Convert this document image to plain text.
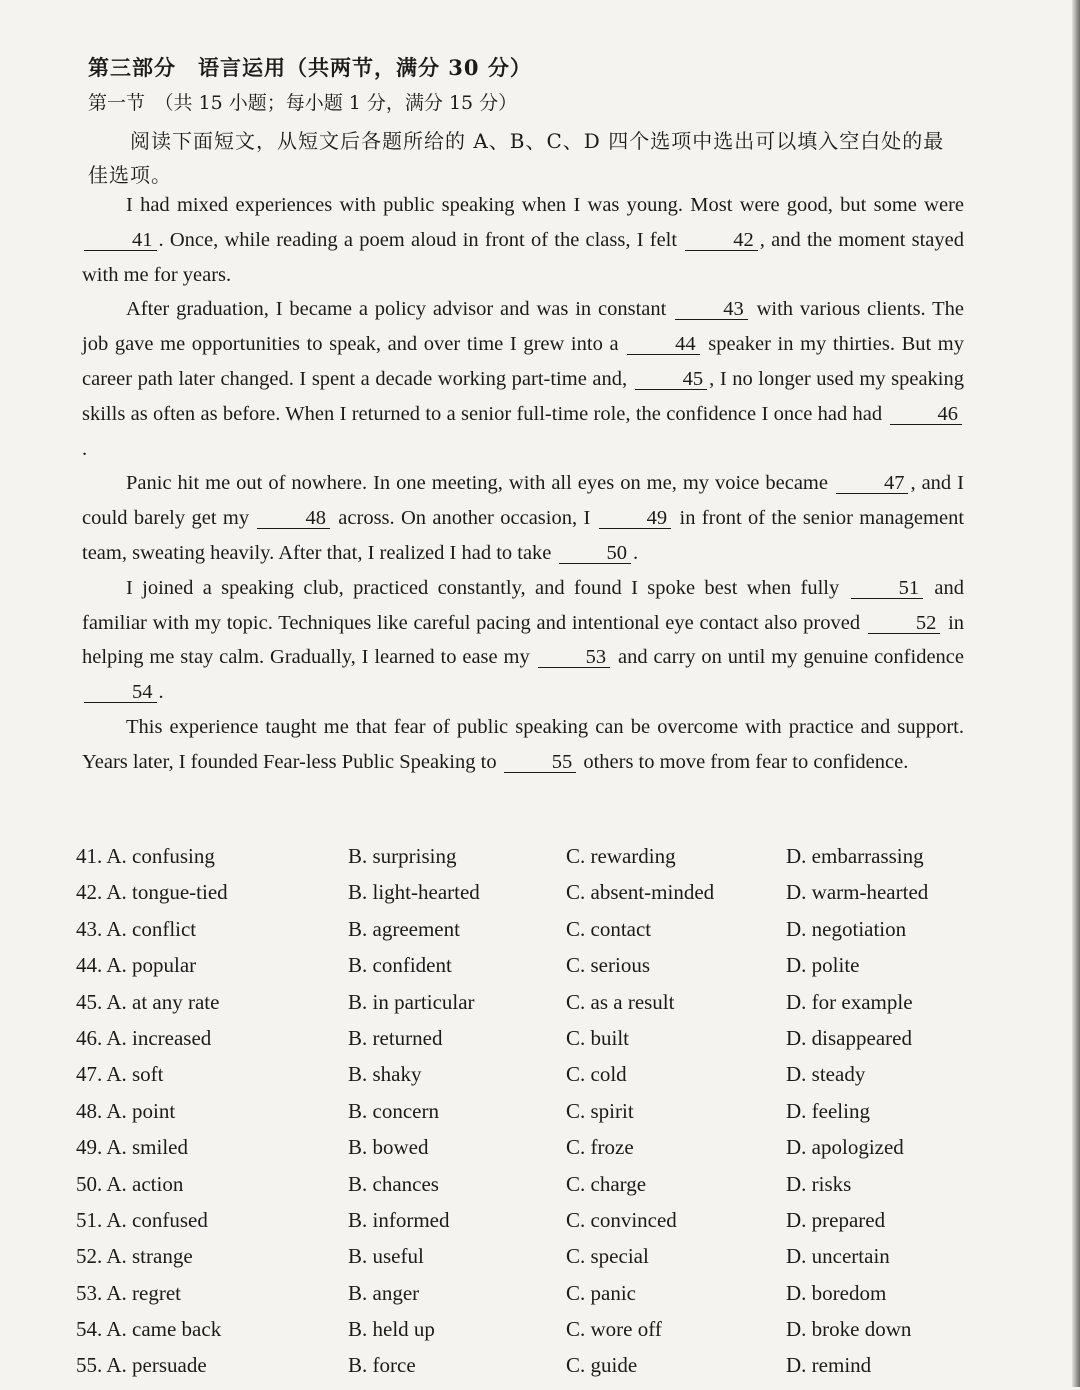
第三部分　语言运用（共两节，满分 30 分）
第一节　（共 15 小题；每小题 1 分，满分 15 分）
阅读下面短文，从短文后各题所给的 A、B、C、D 四个选项中选出可以填入空白处的最佳选项。

I had mixed experiences with public speaking when I was young. Most were good, but some were 41 . Once, while reading a poem aloud in front of the class, I felt	42 , and the moment stayed with me for years.

After graduation, I became a policy advisor and was in constant	43 with various clients. The job gave me opportunities to speak, and over time I grew into a	44 speaker in my thirties. But my career path later changed. I spent a decade working part-time and,	45 , I no longer used my speaking skills as often as before. When I returned to a senior full-time role, the confidence I once had had	46.

Panic hit me out of nowhere. In one meeting, with all eyes on me, my voice became	47 , and I could barely get my	48 across. On another occasion, I	49 in front of the senior management team, sweating heavily. After that, I realized I had to take	50 .

I joined a speaking club, practiced constantly, and found I spoke best when fully	51 and familiar with my topic. Techniques like careful pacing and intentional eye contact also proved	52 in helping me stay calm. Gradually, I learned to ease my	53 and carry on until my genuine confidence 54 .

This experience taught me that fear of public speaking can be overcome with practice and support. Years later, I founded Fear-less Public Speaking to	55 others to move from fear to confidence.

41. A. confusing	B. surprising	C. rewarding	D. embarrassing
42. A. tongue-tied	B. light-hearted	C. absent-minded	D. warm-hearted
43. A. conflict	B. agreement	C. contact	D. negotiation
44. A. popular	B. confident	C. serious	D. polite
45. A. at any rate	B. in particular	C. as a result	D. for example
46. A. increased	B. returned	C. built	D. disappeared
47. A. soft	B. shaky	C. cold	D. steady
48. A. point	B. concern	C. spirit	D. feeling
49. A. smiled	B. bowed	C. froze	D. apologized
50. A. action	B. chances	C. charge	D. risks
51. A. confused	B. informed	C. convinced	D. prepared
52. A. strange	B. useful	C. special	D. uncertain
53. A. regret	B. anger	C. panic	D. boredom
54. A. came back	B. held up	C. wore off	D. broke down
55. A. persuade	B. force	C. guide	D. remind
